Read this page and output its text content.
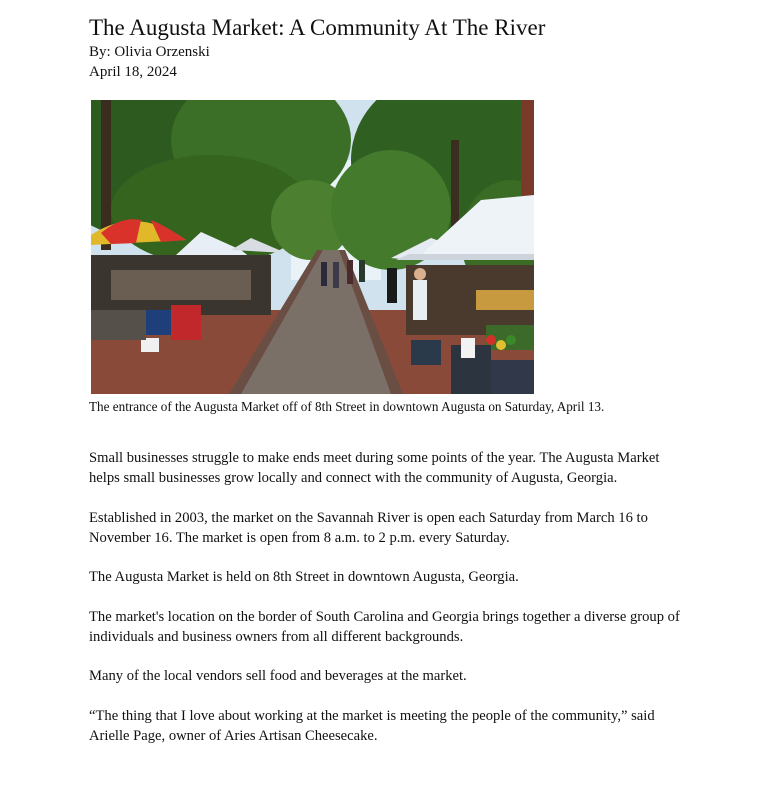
The Augusta Market: A Community At The River

By: Olivia Orzenski

April 18, 2024

The entrance of the Augusta Market off of 8th Street in downtown Augusta on Saturday, April 13.

Small businesses struggle to make ends meet during some points of the year. The Augusta Market helps small businesses grow locally and connect with the community of Augusta, Georgia.

Established in 2003, the market on the Savannah River is open each Saturday from March 16 to November 16. The market is open from 8 a.m. to 2 p.m. every Saturday.

The Augusta Market is held on 8th Street in downtown Augusta, Georgia.

The market's location on the border of South Carolina and Georgia brings together a diverse group of individuals and business owners from all different backgrounds.

Many of the local vendors sell food and beverages at the market.

“The thing that I love about working at the market is meeting the people of the community,” said Arielle Page, owner of Aries Artisan Cheesecake.
